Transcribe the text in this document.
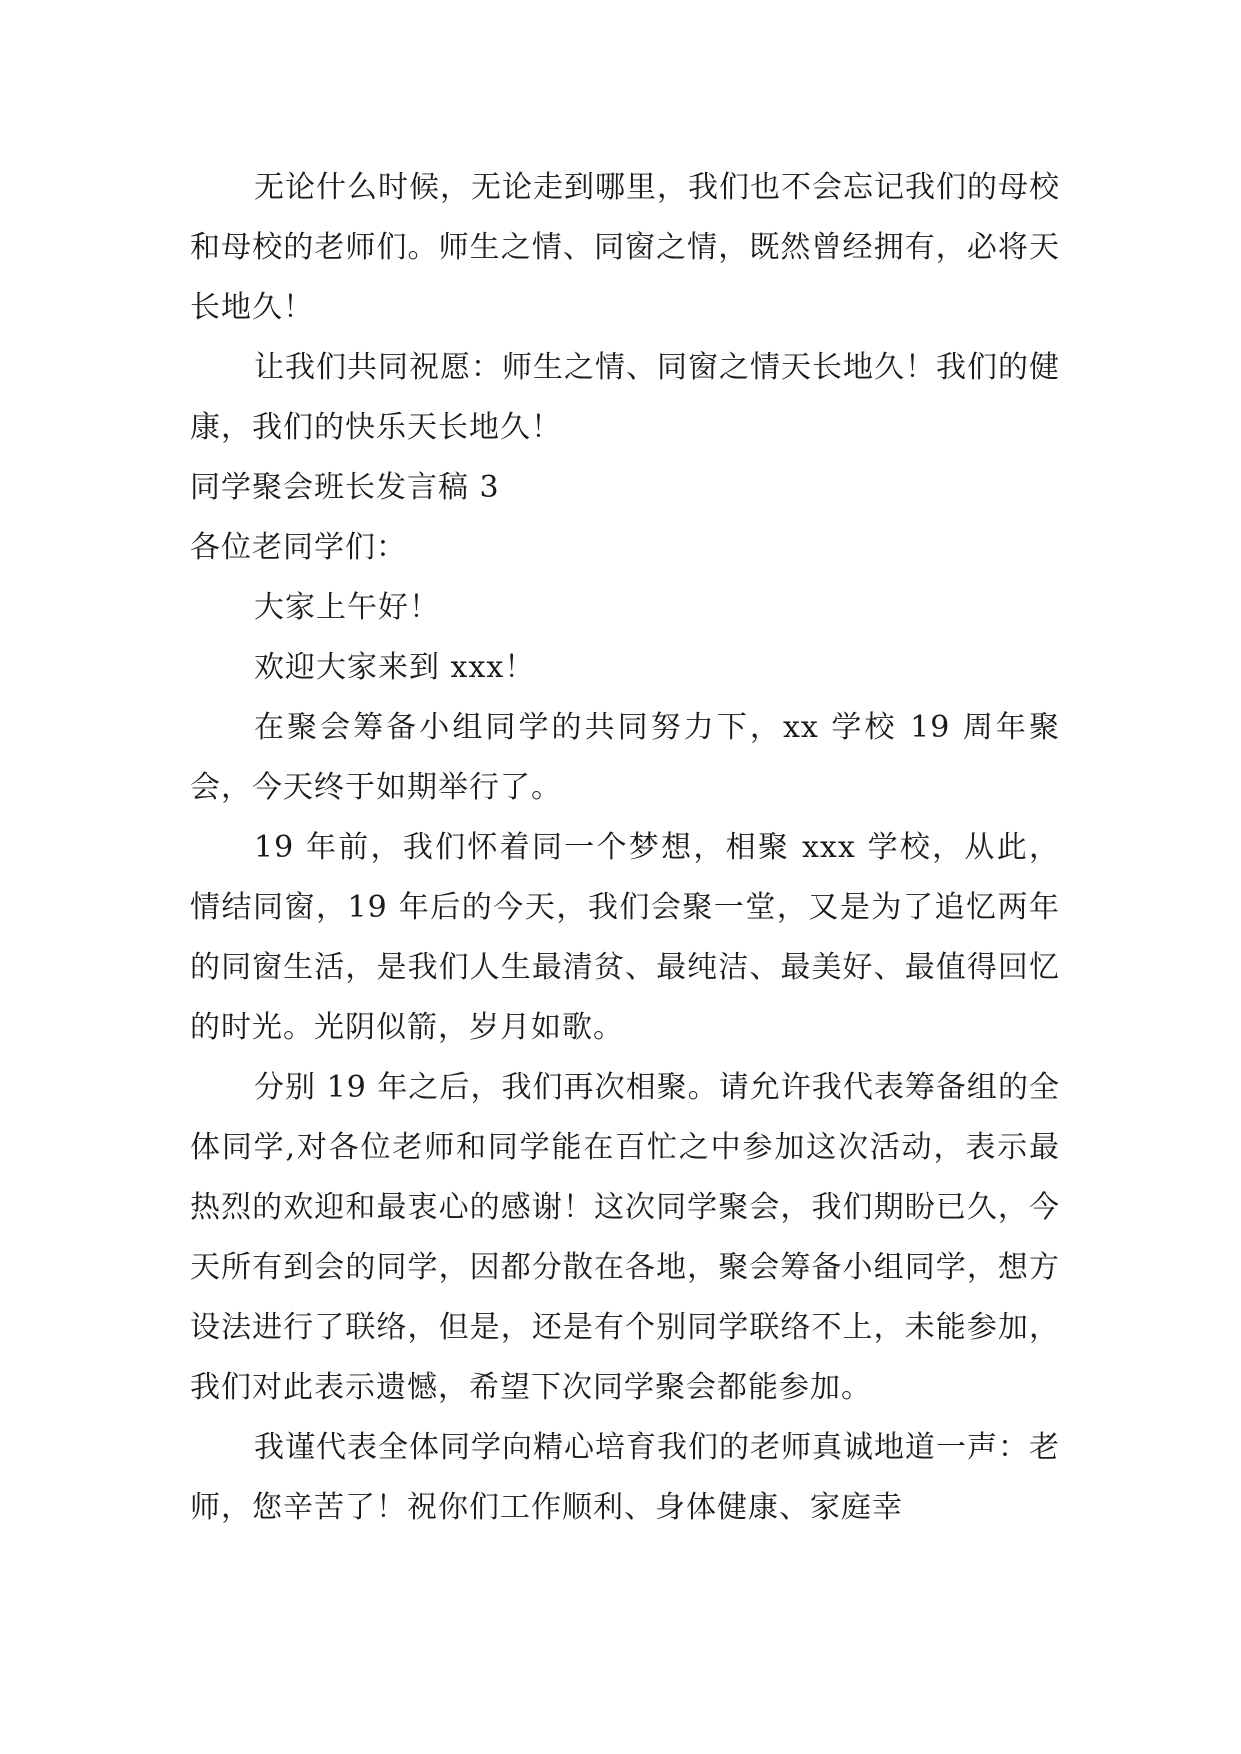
无论什么时候，无论走到哪里，我们也不会忘记我们的母校和母校的老师们。师生之情、同窗之情，既然曾经拥有，必将天长地久！

让我们共同祝愿：师生之情、同窗之情天长地久！我们的健康，我们的快乐天长地久！

同学聚会班长发言稿 3

各位老同学们：

大家上午好！

欢迎大家来到 xxx！

在聚会筹备小组同学的共同努力下，xx 学校 19 周年聚会，今天终于如期举行了。

19 年前，我们怀着同一个梦想，相聚 xxx 学校，从此，情结同窗，19 年后的今天，我们会聚一堂，又是为了追忆两年的同窗生活，是我们人生最清贫、最纯洁、最美好、最值得回忆的时光。光阴似箭，岁月如歌。

分别 19 年之后，我们再次相聚。请允许我代表筹备组的全体同学,对各位老师和同学能在百忙之中参加这次活动，表示最热烈的欢迎和最衷心的感谢！这次同学聚会，我们期盼已久，今天所有到会的同学，因都分散在各地，聚会筹备小组同学，想方设法进行了联络，但是，还是有个别同学联络不上，未能参加，我们对此表示遗憾，希望下次同学聚会都能参加。

我谨代表全体同学向精心培育我们的老师真诚地道一声：老师，您辛苦了！祝你们工作顺利、身体健康、家庭幸
